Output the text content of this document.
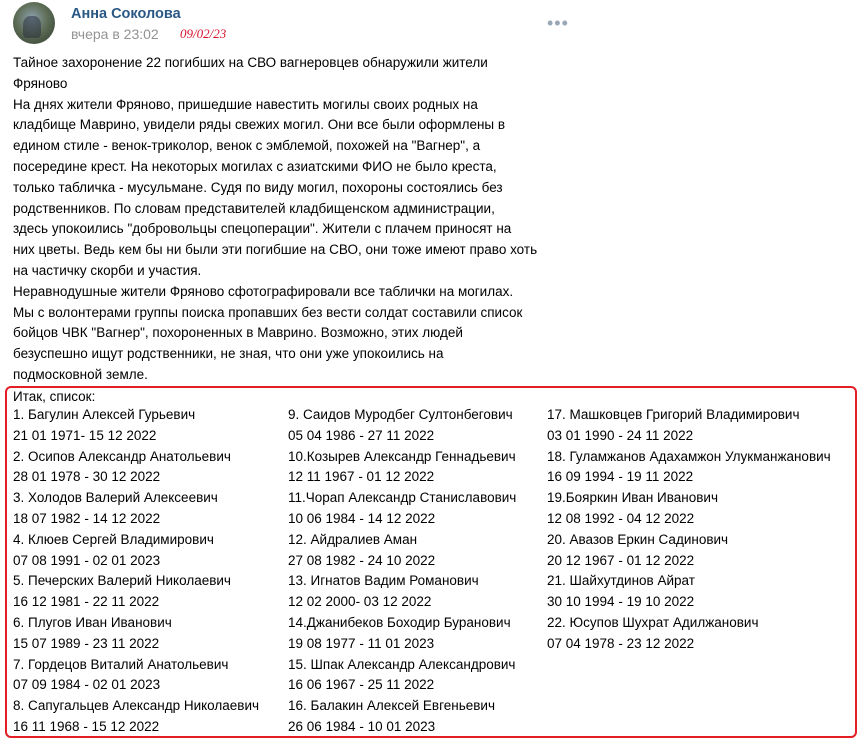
Анна Соколова
вчера в 23:02 09/02/23
•••
Тайное захоронение 22 погибших на СВО вагнеровцев обнаружили жители
Фряново
На днях жители Фряново, пришедшие навестить могилы своих родных на
кладбище Маврино, увидели ряды свежих могил. Они все были оформлены в
едином стиле - венок-триколор, венок с эмблемой, похожей на "Вагнер", а
посередине крест. На некоторых могилах с азиатскими ФИО не было креста,
только табличка - мусульмане. Судя по виду могил, похороны состоялись без
родственников. По словам представителей кладбищенском администрации,
здесь упокоились "добровольцы спецоперации". Жители с плачем приносят на
них цветы. Ведь кем бы ни были эти погибшие на СВО, они тоже имеют право хоть
на частичку скорби и участия.
Неравнодушные жители Фряново сфотографировали все таблички на могилах.
Мы с волонтерами группы поиска пропавших без вести солдат составили список
бойцов ЧВК "Вагнер", похороненных в Маврино. Возможно, этих людей
безуспешно ищут родственники, не зная, что они уже упокоились на
подмосковной земле.
Итак, список:
1. Багулин Алексей Гурьевич
21 01 1971- 15 12 2022
2. Осипов Александр Анатольевич
28 01 1978 - 30 12 2022
3. Холодов Валерий Алексеевич
18 07 1982 - 14 12 2022
4. Клюев Сергей Владимирович
07 08 1991 - 02 01 2023
5. Печерских Валерий Николаевич
16 12 1981 - 22 11 2022
6. Плугов Иван Иванович
15 07 1989 - 23 11 2022
7. Гордецов Виталий Анатольевич
07 09 1984 - 02 01 2023
8. Сапугальцев Александр Николаевич
16 11 1968 - 15 12 2022
9. Саидов Муродбег Султонбегович
05 04 1986 - 27 11 2022
10.Козырев Александр Геннадьевич
12 11 1967 - 01 12 2022
11.Чорап Александр Станиславович
10 06 1984 - 14 12 2022
12. Айдралиев Аман
27 08 1982 - 24 10 2022
13. Игнатов Вадим Романович
12 02 2000- 03 12 2022
14.Джанибеков Боходир Буранович
19 08 1977 - 11 01 2023
15. Шпак Александр Александрович
16 06 1967 - 25 11 2022
16. Балакин Алексей Евгеньевич
26 06 1984 - 10 01 2023
17. Машковцев Григорий Владимирович
03 01 1990 - 24 11 2022
18. Гуламжанов Адахамжон Улукманжанович
16 09 1994 - 19 11 2022
19.Бояркин Иван Иванович
12 08 1992 - 04 12 2022
20. Авазов Еркин Садинович
20 12 1967 - 01 12 2022
21. Шайхутдинов Айрат
30 10 1994 - 19 10 2022
22. Юсупов Шухрат Адилжанович
07 04 1978 - 23 12 2022
